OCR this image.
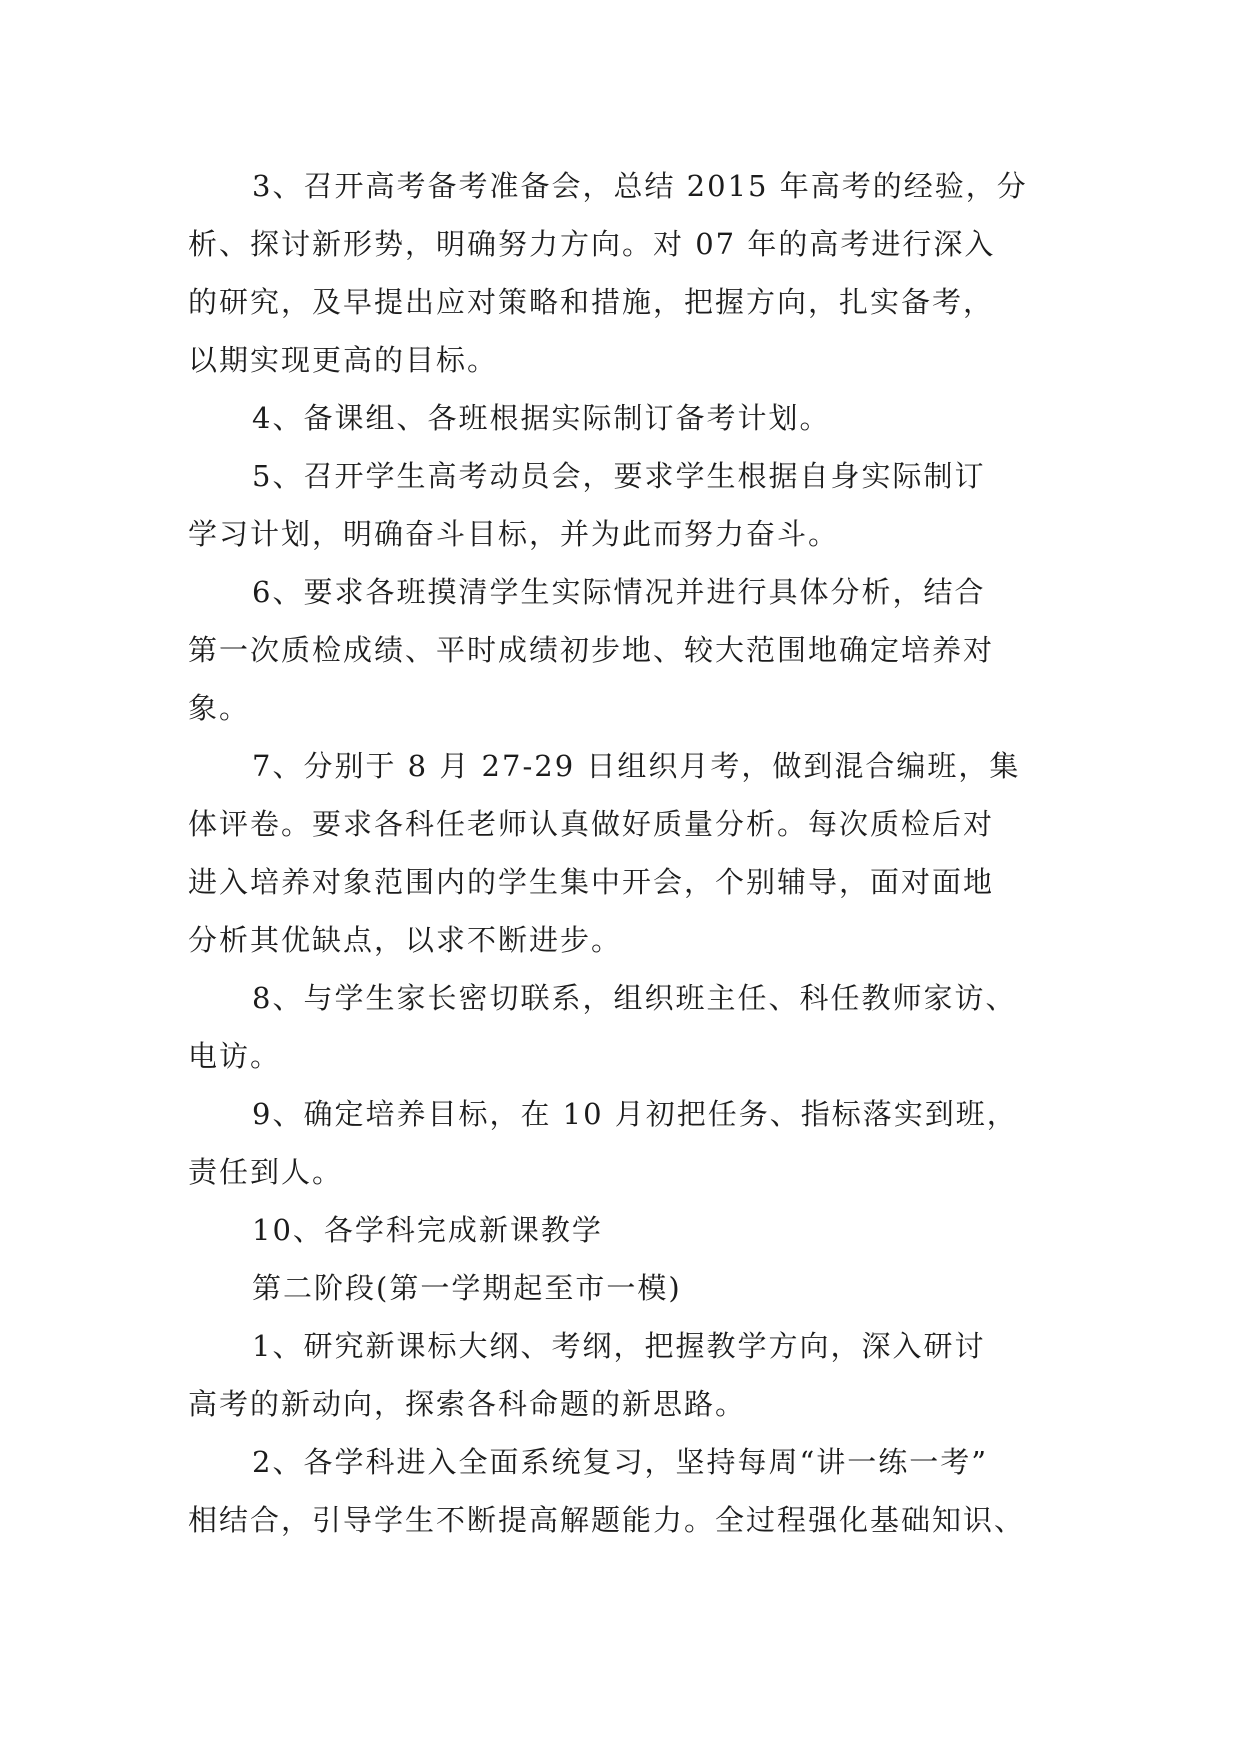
3、召开高考备考准备会，总结 2015 年高考的经验，分
析、探讨新形势，明确努力方向。对 07 年的高考进行深入
的研究，及早提出应对策略和措施，把握方向，扎实备考，
以期实现更高的目标。
4、备课组、各班根据实际制订备考计划。
5、召开学生高考动员会，要求学生根据自身实际制订
学习计划，明确奋斗目标，并为此而努力奋斗。
6、要求各班摸清学生实际情况并进行具体分析，结合
第一次质检成绩、平时成绩初步地、较大范围地确定培养对
象。
7、分别于 8 月 27-29 日组织月考，做到混合编班，集
体评卷。要求各科任老师认真做好质量分析。每次质检后对
进入培养对象范围内的学生集中开会，个别辅导，面对面地
分析其优缺点，以求不断进步。
8、与学生家长密切联系，组织班主任、科任教师家访、
电访。
9、确定培养目标，在 10 月初把任务、指标落实到班，
责任到人。
10、各学科完成新课教学
第二阶段(第一学期起至市一模)
1、研究新课标大纲、考纲，把握教学方向，深入研讨
高考的新动向，探索各科命题的新思路。
2、各学科进入全面系统复习，坚持每周“讲一练一考”
相结合，引导学生不断提高解题能力。全过程强化基础知识、
